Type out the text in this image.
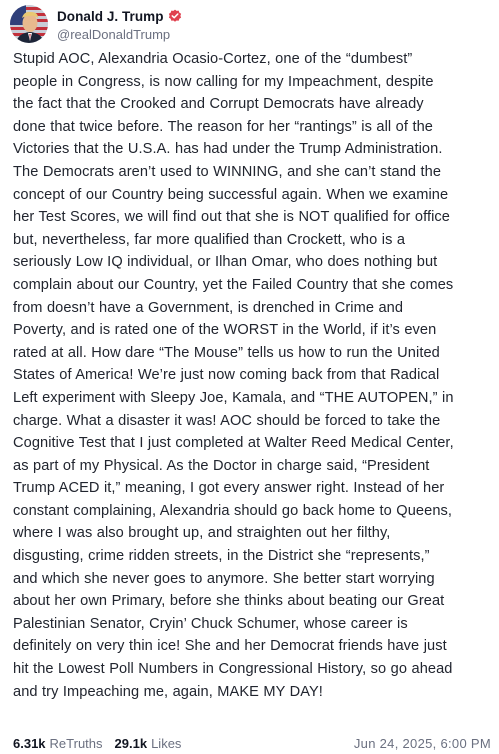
Donald J. Trump
@realDonaldTrump
Stupid AOC, Alexandria Ocasio-Cortez, one of the “dumbest”
people in Congress, is now calling for my Impeachment, despite
the fact that the Crooked and Corrupt Democrats have already
done that twice before. The reason for her “rantings” is all of the
Victories that the U.S.A. has had under the Trump Administration.
The Democrats aren’t used to WINNING, and she can’t stand the
concept of our Country being successful again. When we examine
her Test Scores, we will find out that she is NOT qualified for office
but, nevertheless, far more qualified than Crockett, who is a
seriously Low IQ individual, or Ilhan Omar, who does nothing but
complain about our Country, yet the Failed Country that she comes
from doesn’t have a Government, is drenched in Crime and
Poverty, and is rated one of the WORST in the World, if it’s even
rated at all. How dare “The Mouse” tells us how to run the United
States of America! We’re just now coming back from that Radical
Left experiment with Sleepy Joe, Kamala, and “THE AUTOPEN,” in
charge. What a disaster it was! AOC should be forced to take the
Cognitive Test that I just completed at Walter Reed Medical Center,
as part of my Physical. As the Doctor in charge said, “President
Trump ACED it,” meaning, I got every answer right. Instead of her
constant complaining, Alexandria should go back home to Queens,
where I was also brought up, and straighten out her filthy,
disgusting, crime ridden streets, in the District she “represents,”
and which she never goes to anymore. She better start worrying
about her own Primary, before she thinks about beating our Great
Palestinian Senator, Cryin’ Chuck Schumer, whose career is
definitely on very thin ice! She and her Democrat friends have just
hit the Lowest Poll Numbers in Congressional History, so go ahead
and try Impeaching me, again, MAKE MY DAY!
6.31k ReTruths 29.1k Likes	Jun 24, 2025, 6:00 PM
